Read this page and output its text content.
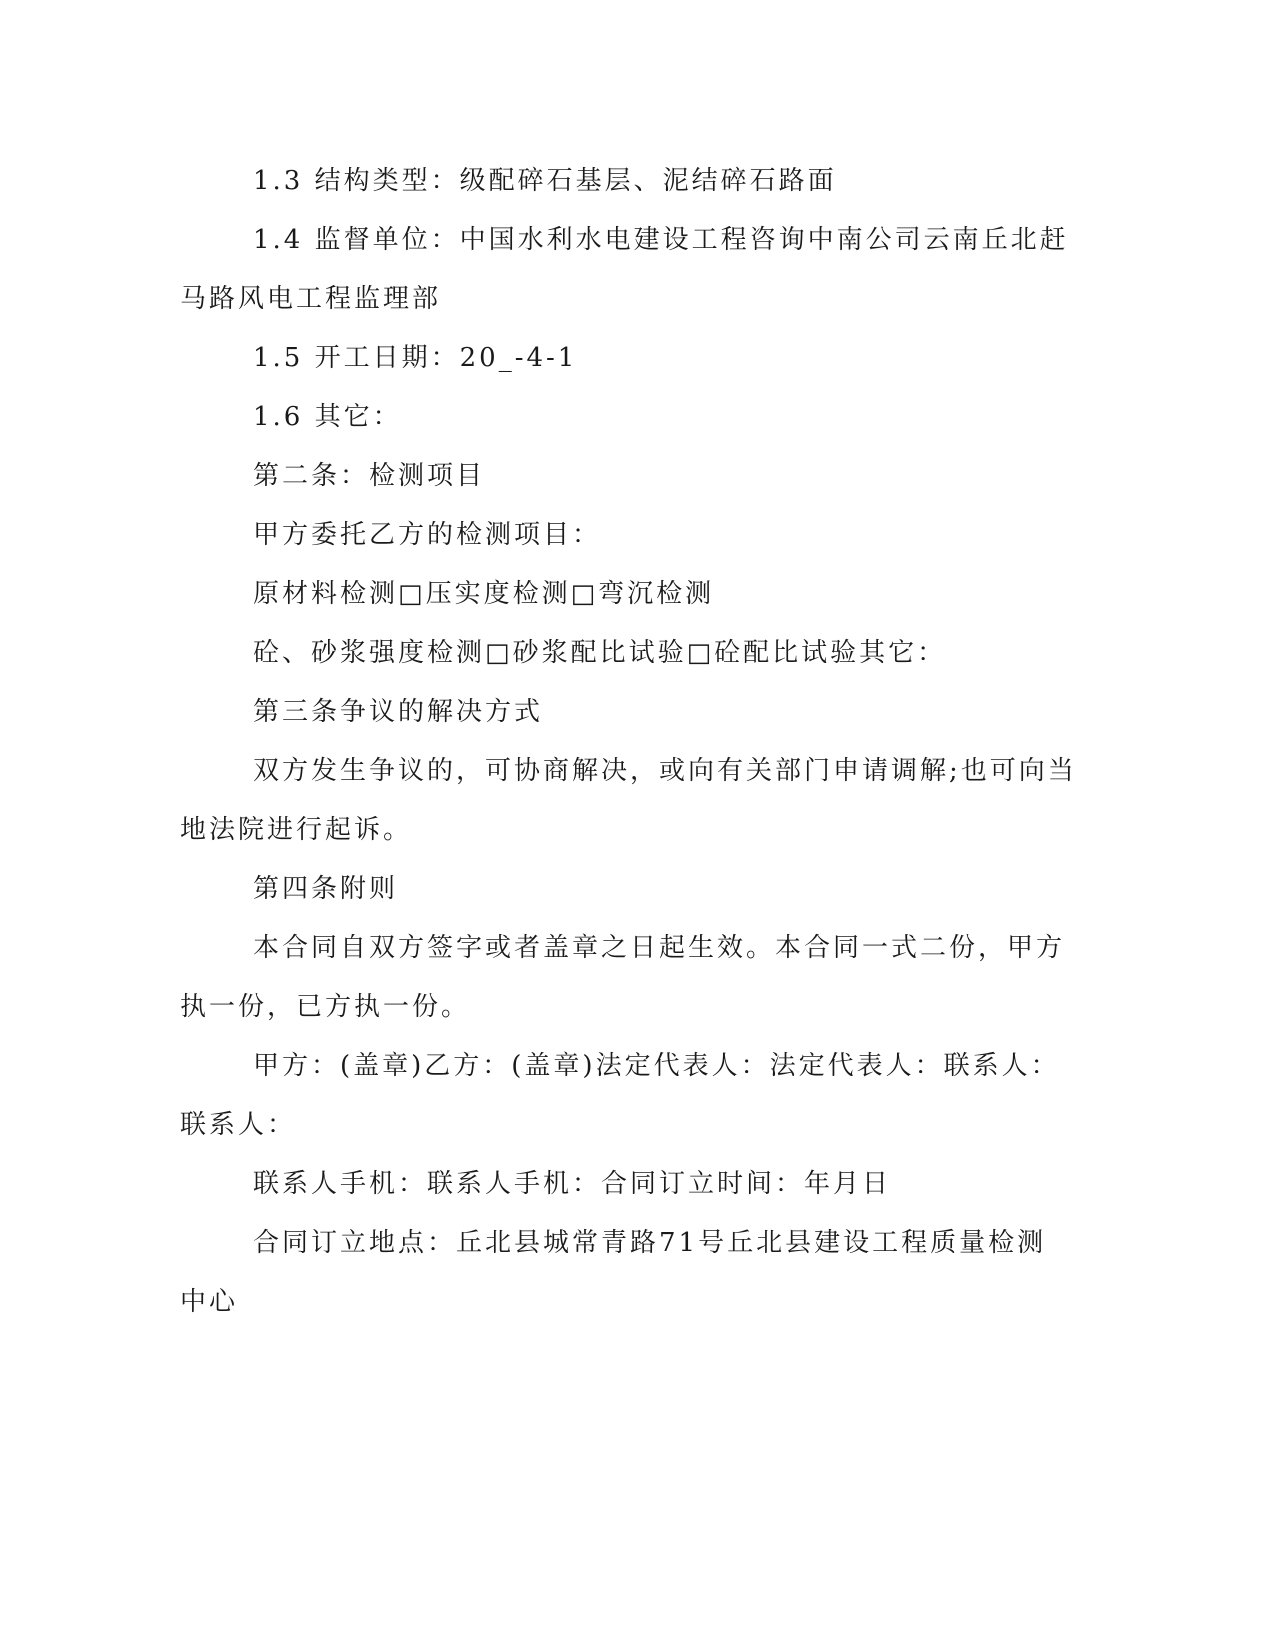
1.3 结构类型：级配碎石基层、泥结碎石路面
1.4 监督单位：中国水利水电建设工程咨询中南公司云南丘北赶
马路风电工程监理部
1.5 开工日期：20_-4-1
1.6 其它：
第二条：检测项目
甲方委托乙方的检测项目：
原材料检测□压实度检测□弯沉检测
砼、砂浆强度检测□砂浆配比试验□砼配比试验其它：
第三条争议的解决方式
双方发生争议的，可协商解决，或向有关部门申请调解;也可向当
地法院进行起诉。
第四条附则
本合同自双方签字或者盖章之日起生效。本合同一式二份，甲方
执一份，已方执一份。
甲方：(盖章)乙方：(盖章)法定代表人：法定代表人：联系人：
联系人：
联系人手机：联系人手机：合同订立时间：年月日
合同订立地点：丘北县城常青路71号丘北县建设工程质量检测
中心
